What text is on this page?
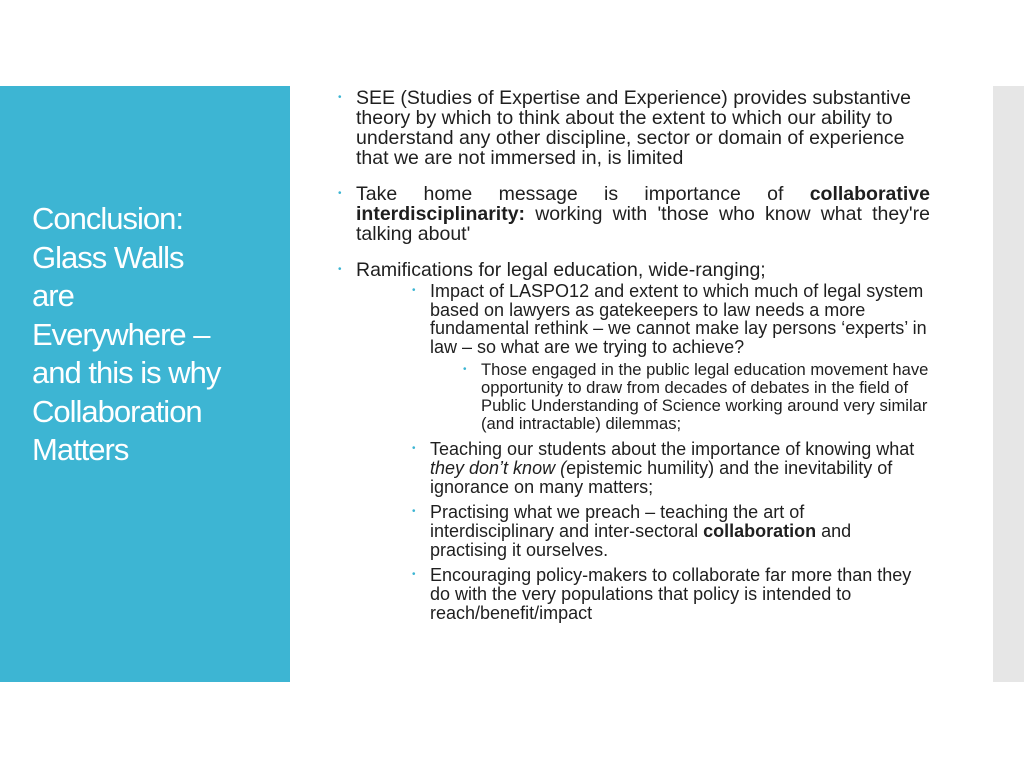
Conclusion:
Glass Walls
are
Everywhere –
and this is why
Collaboration
Matters
• SEE (Studies of Expertise and Experience) provides substantive theory by which to think about the extent to which our ability to understand any other discipline, sector or domain of experience that we are not immersed in, is limited
• Take home message is importance of collaborative interdisciplinarity: working with 'those who know what they're talking about'
• Ramifications for legal education, wide-ranging;
• Impact of LASPO12 and extent to which much of legal system based on lawyers as gatekeepers to law needs a more fundamental rethink – we cannot make lay persons ‘experts’ in law – so what are we trying to achieve?
• Those engaged in the public legal education movement have opportunity to draw from decades of debates in the field of Public Understanding of Science working around very similar (and intractable) dilemmas;
• Teaching our students about the importance of knowing what they don’t know (epistemic humility) and the inevitability of ignorance on many matters;
• Practising what we preach – teaching the art of interdisciplinary and inter-sectoral collaboration and practising it ourselves.
• Encouraging policy-makers to collaborate far more than they do with the very populations that policy is intended to reach/benefit/impact
